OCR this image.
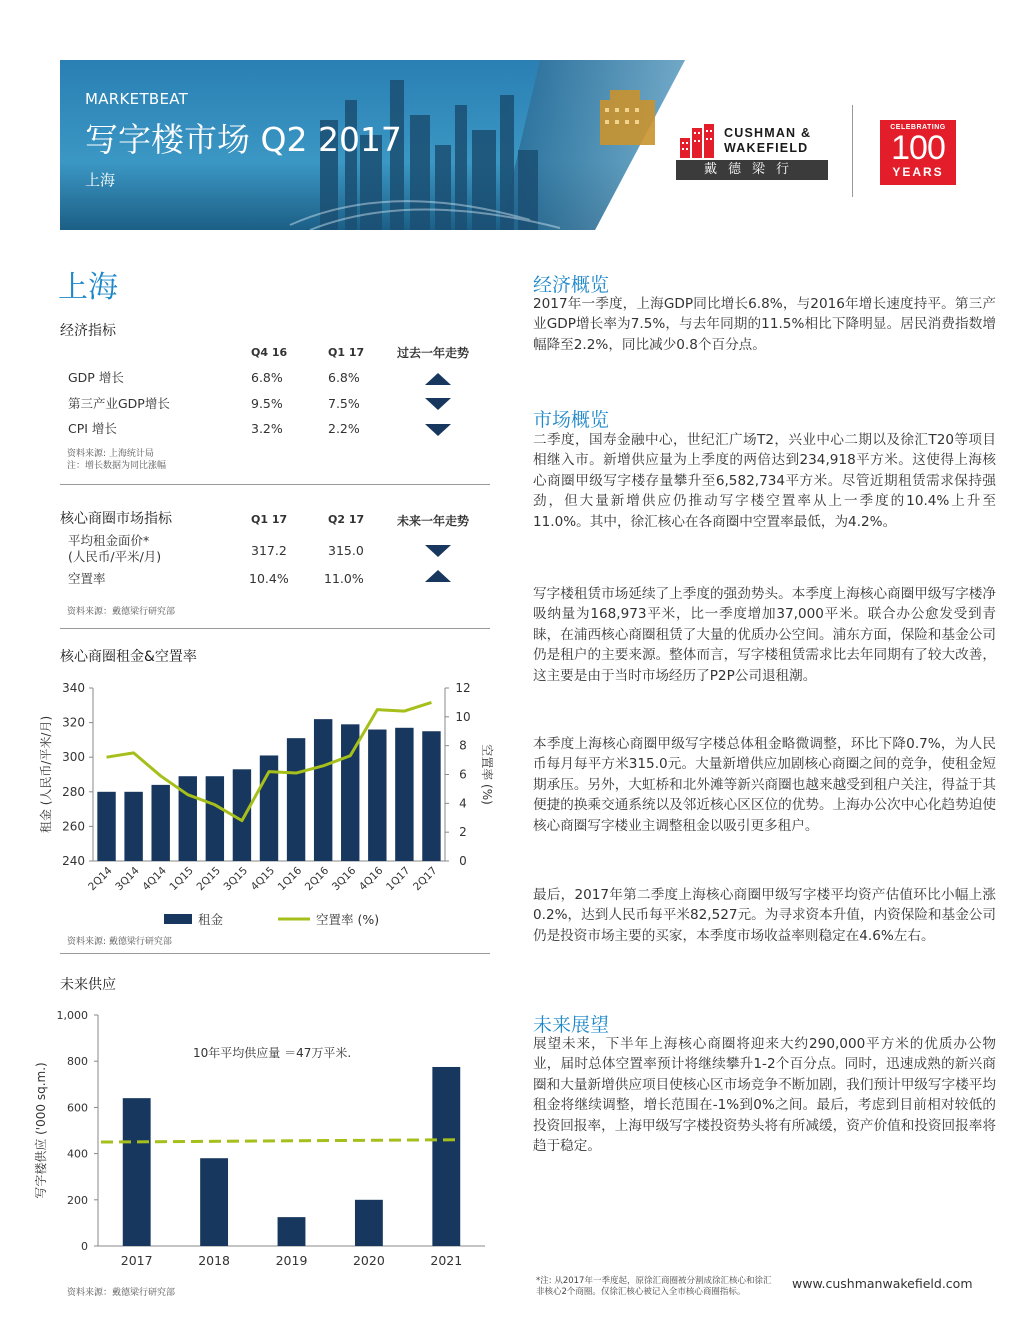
MARKETBEAT
写字楼市场 Q2 2017
上海
CUSHMAN &
WAKEFIELD
戴德梁行
CELEBRATING
100
YEARS
上海
经济指标
Q4 16	Q1 17	过去一年走势
GDP 增长	6.8%	6.8%
第三产业GDP增长	9.5%	7.5%
CPI 增长	3.2%	2.2%
资料来源: 上海统计局
注：增长数据为同比涨幅
核心商圈市场指标	Q1 17	Q2 17	未来一年走势
平均租金面价*
(人民币/平米/月)	317.2	315.0
空置率	10.4%	11.0%
资料来源：戴德梁行研究部
核心商圈租金&空置率
240
260
280
300
320
340
0
2
4
6
8
10
12
2Q14
3Q14
4Q14
1Q15
2Q15
3Q15
4Q15
1Q16
2Q16
3Q16
4Q16
1Q17
2Q17
租金 (人民币/平米/月)	空置率 (%)
租金	空置率 (%)
资料来源: 戴德梁行研究部
未来供应
0
200
400
600
800
1,000
2017	2018	2019	2020	2021
10年平均供应量 ＝47万平米.
写字楼供应 ('000 sq.m.)
资料来源：戴德梁行研究部
经济概览
2017年一季度，上海GDP同比增长6.8%，与2016年增长速度持平。第三产业GDP增长率为7.5%，与去年同期的11.5%相比下降明显。居民消费指数增幅降至2.2%，同比减少0.8个百分点。
市场概览
二季度，国寿金融中心，世纪汇广场T2，兴业中心二期以及徐汇T20等项目相继入市。新增供应量为上季度的两倍达到234,918平方米。这使得上海核心商圈甲级写字楼存量攀升至6,582,734平方米。尽管近期租赁需求保持强劲，但大量新增供应仍推动写字楼空置率从上一季度的10.4%上升至11.0%。其中，徐汇核心在各商圈中空置率最低，为4.2%。
写字楼租赁市场延续了上季度的强劲势头。本季度上海核心商圈甲级写字楼净吸纳量为168,973平米，比一季度增加37,000平米。联合办公愈发受到青睐，在浦西核心商圈租赁了大量的优质办公空间。浦东方面，保险和基金公司仍是租户的主要来源。整体而言，写字楼租赁需求比去年同期有了较大改善，这主要是由于当时市场经历了P2P公司退租潮。
本季度上海核心商圈甲级写字楼总体租金略微调整，环比下降0.7%，为人民币每月每平方米315.0元。大量新增供应加剧核心商圈之间的竞争，使租金短期承压。另外，大虹桥和北外滩等新兴商圈也越来越受到租户关注，得益于其便捷的换乘交通系统以及邻近核心区区位的优势。上海办公次中心化趋势迫使核心商圈写字楼业主调整租金以吸引更多租户。
最后，2017年第二季度上海核心商圈甲级写字楼平均资产估值环比小幅上涨0.2%，达到人民币每平米82,527元。为寻求资本升值，内资保险和基金公司仍是投资市场主要的买家，本季度市场收益率则稳定在4.6%左右。
未来展望
展望未来，下半年上海核心商圈将迎来大约290,000平方米的优质办公物业，届时总体空置率预计将继续攀升1-2个百分点。同时，迅速成熟的新兴商圈和大量新增供应项目使核心区市场竞争不断加剧，我们预计甲级写字楼平均租金将继续调整，增长范围在-1%到0%之间。最后，考虑到目前相对较低的投资回报率，上海甲级写字楼投资势头将有所减缓，资产价值和投资回报率将趋于稳定。
*注: 从2017年一季度起，原徐汇商圈被分割成徐汇核心和徐汇非核心2个商圈。仅徐汇核心被记入全市核心商圈指标。
www.cushmanwakefield.com
